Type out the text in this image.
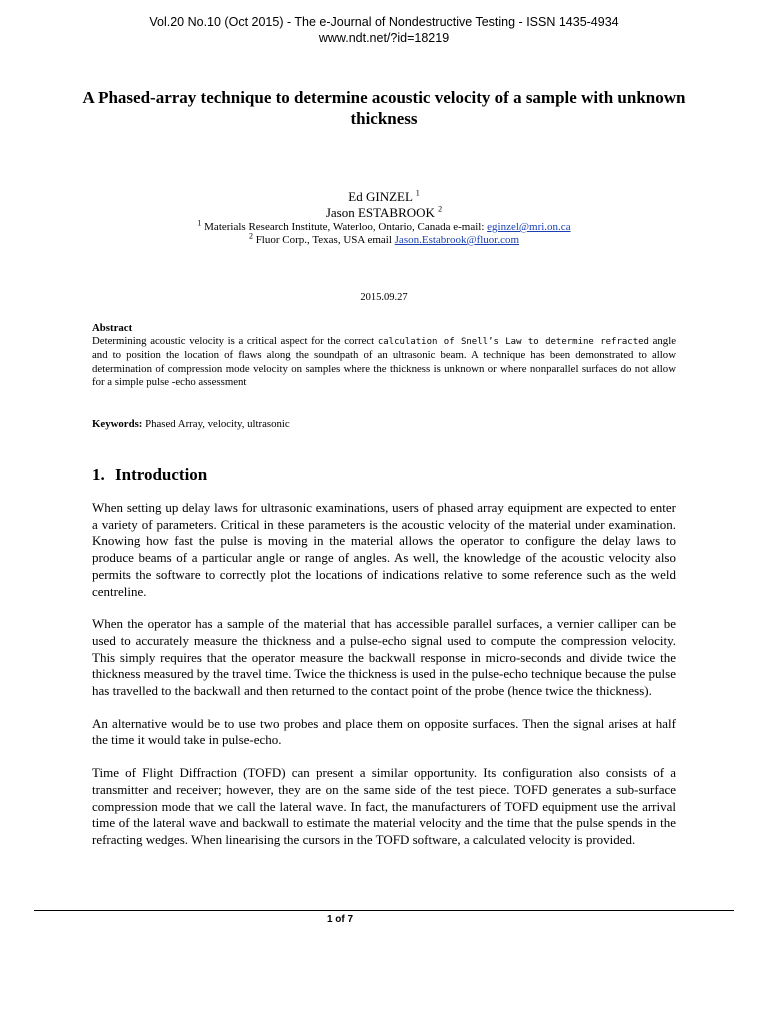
Vol.20 No.10 (Oct 2015) - The e-Journal of Nondestructive Testing - ISSN 1435-4934
www.ndt.net/?id=18219
A Phased-array technique to determine acoustic velocity of a sample with unknown thickness
Ed GINZEL $^1$
Jason ESTABROOK $^2$
$^1$ Materials Research Institute, Waterloo, Ontario, Canada e-mail: eginzel@mri.on.ca
$^2$ Fluor Corp., Texas, USA email Jason.Estabrook@fluor.com
2015.09.27
Abstract
Determining acoustic velocity is a critical aspect for the correct calculation of Snell’s Law to determine refracted angle and to position the location of flaws along the soundpath of an ultrasonic beam. A technique has been demonstrated to allow determination of compression mode velocity on samples where the thickness is unknown or where nonparallel surfaces do not allow for a simple pulse -echo assessment
Keywords: Phased Array, velocity, ultrasonic
1. Introduction

When setting up delay laws for ultrasonic examinations, users of phased array equipment are expected to enter a variety of parameters. Critical in these parameters is the acoustic velocity of the material under examination. Knowing how fast the pulse is moving in the material allows the operator to configure the delay laws to produce beams of a particular angle or range of angles. As well, the knowledge of the acoustic velocity also permits the software to correctly plot the locations of indications relative to some reference such as the weld centreline.

When the operator has a sample of the material that has accessible parallel surfaces, a vernier calliper can be used to accurately measure the thickness and a pulse-echo signal used to compute the compression velocity. This simply requires that the operator measure the backwall response in micro-seconds and divide twice the thickness measured by the travel time. Twice the thickness is used in the pulse-echo technique because the pulse has travelled to the backwall and then returned to the contact point of the probe (hence twice the thickness).

An alternative would be to use two probes and place them on opposite surfaces. Then the signal arises at half the time it would take in pulse-echo.

Time of Flight Diffraction (TOFD) can present a similar opportunity. Its configuration also consists of a transmitter and receiver; however, they are on the same side of the test piece. TOFD generates a sub-surface compression mode that we call the lateral wave. In fact, the manufacturers of TOFD equipment use the arrival time of the lateral wave and backwall to estimate the material velocity and the time that the pulse spends in the refracting wedges. When linearising the cursors in the TOFD software, a calculated velocity is provided.

1 of 7
